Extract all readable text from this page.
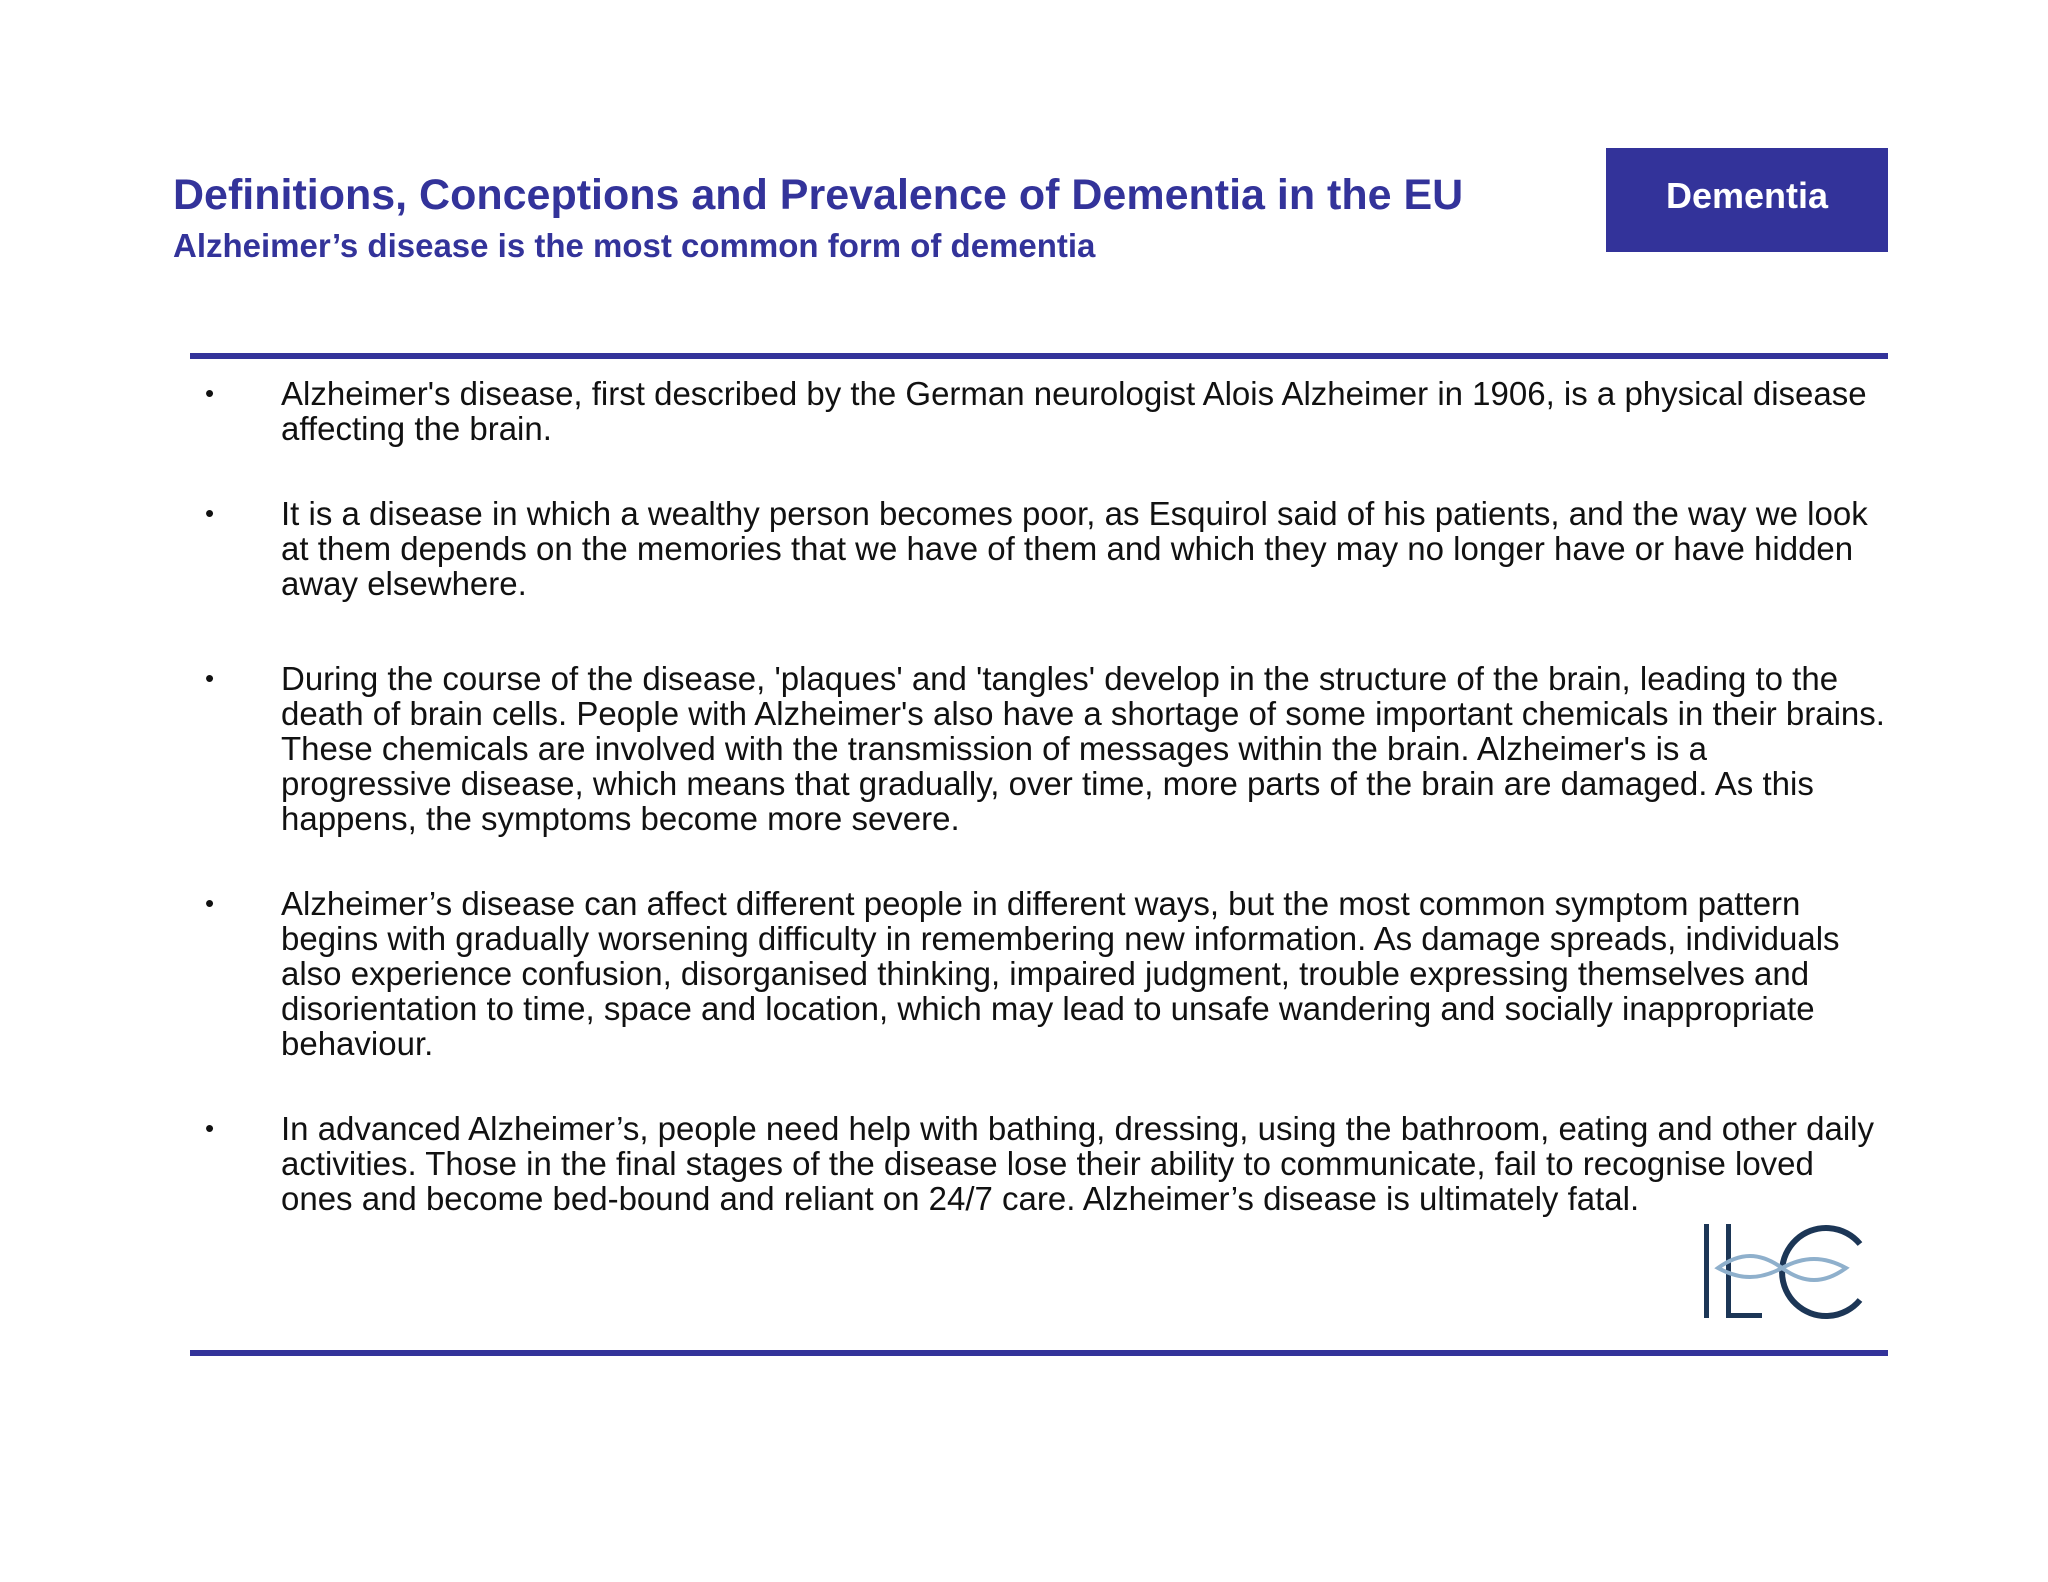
Definitions, Conceptions and Prevalence of Dementia in the EU
Alzheimer’s disease is the most common form of dementia
Dementia
•	Alzheimer's disease, first described by the German neurologist Alois Alzheimer in 1906, is a physical disease affecting the brain.
•	It is a disease in which a wealthy person becomes poor, as Esquirol said of his patients, and the way we look at them depends on the memories that we have of them and which they may no longer have or have hidden away elsewhere.
•	During the course of the disease, 'plaques' and 'tangles' develop in the structure of the brain, leading to the death of brain cells. People with Alzheimer's also have a shortage of some important chemicals in their brains. These chemicals are involved with the transmission of messages within the brain. Alzheimer's is a progressive disease, which means that gradually, over time, more parts of the brain are damaged. As this happens, the symptoms become more severe.
•	Alzheimer’s disease can affect different people in different ways, but the most common symptom pattern begins with gradually worsening difficulty in remembering new information. As damage spreads, individuals also experience confusion, disorganised thinking, impaired judgment, trouble expressing themselves and disorientation to time, space and location, which may lead to unsafe wandering and socially inappropriate behaviour.
•	In advanced Alzheimer’s, people need help with bathing, dressing, using the bathroom, eating and other daily activities. Those in the final stages of the disease lose their ability to communicate, fail to recognise loved ones and become bed-bound and reliant on 24/7 care. Alzheimer’s disease is ultimately fatal.
